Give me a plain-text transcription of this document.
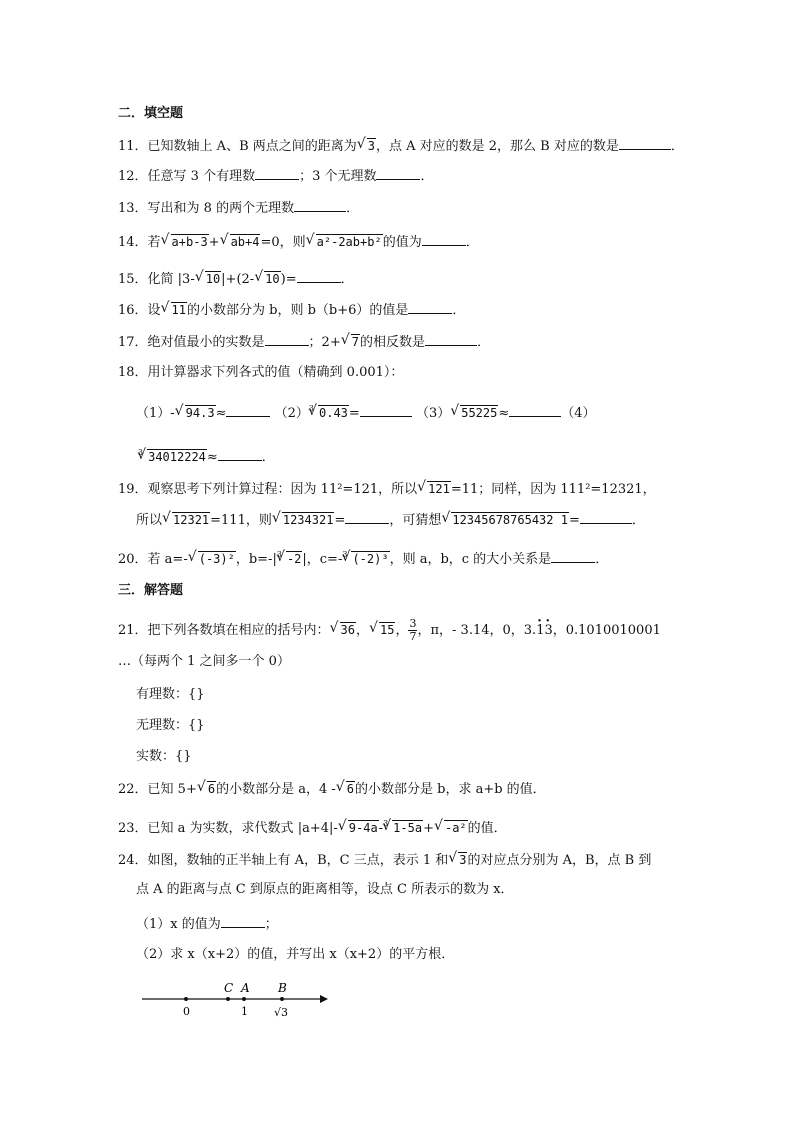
二．填空题
11．已知数轴上 A、B 两点之间的距离为√ 3，点 A 对应的数是 2，那么 B 对应的数是	．
12．任意写 3 个有理数	；3 个无理数	．
13．写出和为 8 的两个无理数	．
14．若√ a+b-3+√ ab+4=0，则√ a²-2ab+b²的值为	．
15．化简 |3-√ 10|+(2-√ 10)=	．
16．设√ 11的小数部分为 b，则 b（b+6）的值是	．
17．绝对值最小的实数是	；2+√ 7的相反数是	．
18．用计算器求下列各式的值（精确到 0.001）：
（1）-√ 94.3≈	$(2)^3√$ 0.43=	（3）√ 55225≈	（4）
$^3$√ 34012224≈	．
19．观察思考下列计算过程：因为 11²=121，所以√ 121=11；同样，因为 111²=12321，
所以√ 12321=111，则√ 1234321=	，可猜想√ 12345678765432 1=	．
20．若 a=-√ (-3)²，$b=-|^3√$ -2|，c=-$^3$√ (-2)³，则 a，b，c 的大小关系是	．
三．解答题
21．把下列各数填在相应的括号内：√ 36，√ 15， $\frac{3}{7}$ ，π，- 3.14，0，3.· 1· 3，0.1010010001
…（每两个 1 之间多一个 0）
有理数：{}
无理数：{}
实数：{}
22．已知 5+√ 6的小数部分是 a，4 -√ 6的小数部分是 b，求 a+b 的值．
23．已知 a 为实数，求代数式 |a+4|-√ 9-4a-$^3$√ 1-5a+√ -a²的值．
24．如图，数轴的正半轴上有 A，B，C 三点，表示 1 和√ 3的对应点分别为 A，B，点 B 到
点 A 的距离与点 C 到原点的距离相等，设点 C 所表示的数为 x．
（1）x 的值为	；
（2）求 x（x+2）的值，并写出 x（x+2）的平方根．
C A B
0	1 √3
